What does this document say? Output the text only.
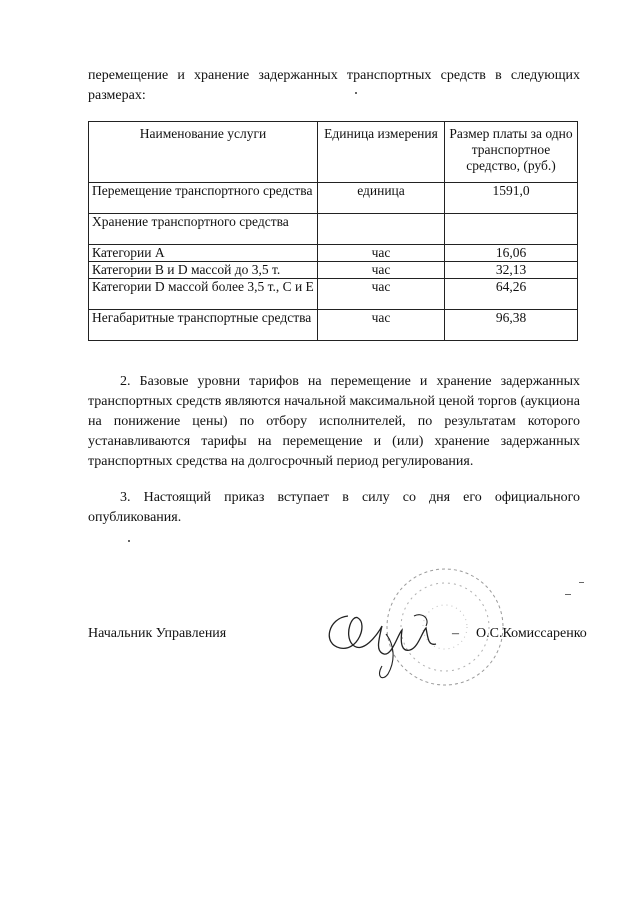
перемещение и хранение задержанных транспортных средств в следующих размерах:
Наименование услуги	Единица измерения	Размер платы за одно транспортное средство, (руб.)
Перемещение транспортного средства	единица	1591,0
Хранение транспортного средства		
Категории А	час	16,06
Категории B и D массой до 3,5 т.	час	32,13
Категории D массой более 3,5 т., С и Е	час	64,26
Негабаритные транспортные средства	час	96,38

2. Базовые уровни тарифов на перемещение и хранение задержанных транспортных средств являются начальной максимальной ценой торгов (аукциона на понижение цены) по отбору исполнителей, по результатам которого устанавливаются тарифы на перемещение и (или) хранение задержанных транспортных средства на долгосрочный период регулирования.

3. Настоящий приказ вступает в силу со дня его официального опубликования.

Начальник Управления	– О.С.Комиссаренко
